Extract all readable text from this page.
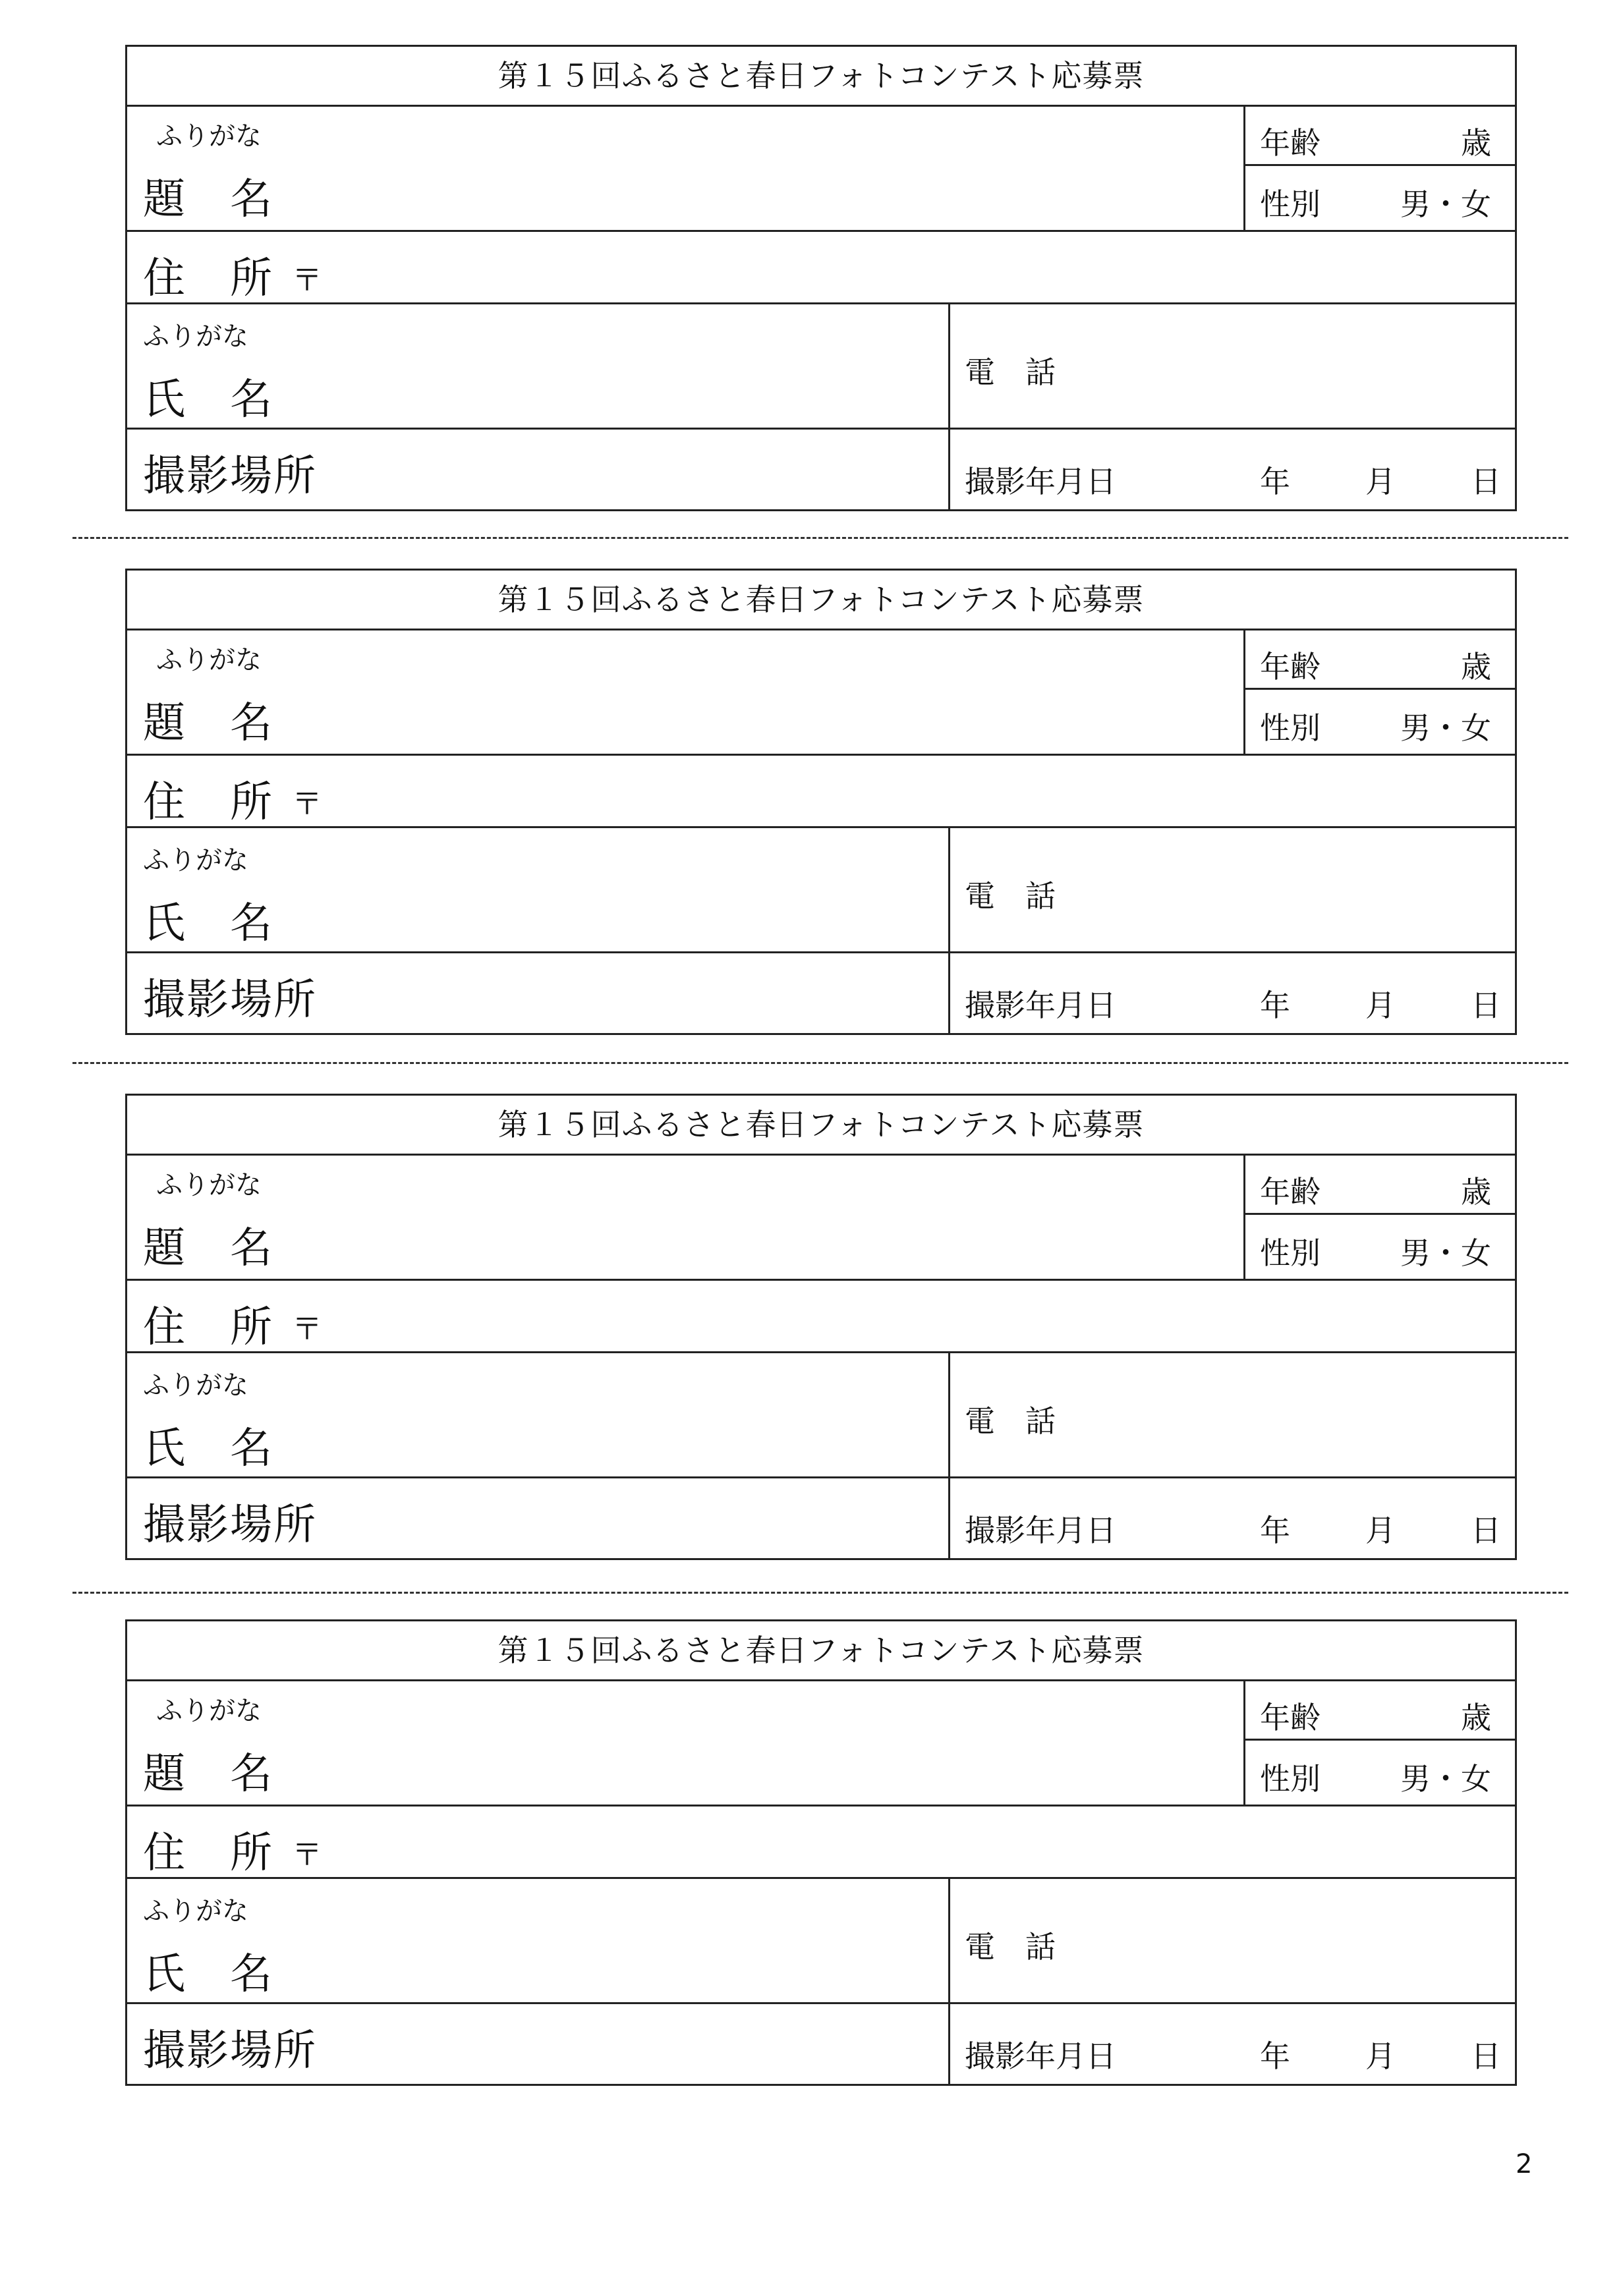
第１５回ふるさと春日フォトコンテスト応募票
ふりがな
題　名
年齢	歳
性別	男・女
住　所 〒
ふりがな
氏　名
電　話
撮影場所	撮影年月日	年 月 日
第１５回ふるさと春日フォトコンテスト応募票
ふりがな
題　名
年齢	歳
性別	男・女
住　所 〒
ふりがな
氏　名
電　話
撮影場所	撮影年月日	年 月 日
第１５回ふるさと春日フォトコンテスト応募票
ふりがな
題　名
年齢	歳
性別	男・女
住　所 〒
ふりがな
氏　名
電　話
撮影場所	撮影年月日	年 月 日
第１５回ふるさと春日フォトコンテスト応募票
ふりがな
題　名
年齢	歳
性別	男・女
住　所 〒
ふりがな
氏　名
電　話
撮影場所	撮影年月日	年 月 日
2
